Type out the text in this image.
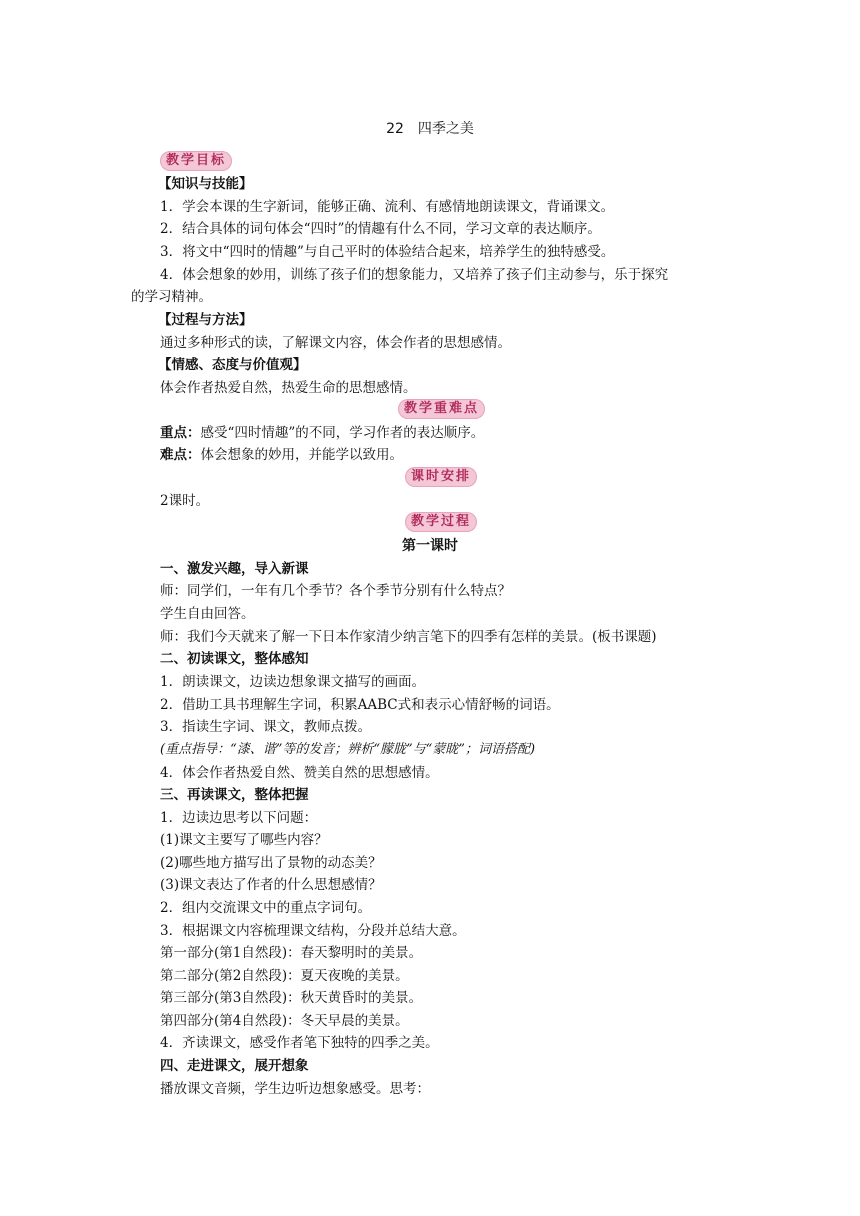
22　四季之美
教学目标
【知识与技能】
1．学会本课的生字新词，能够正确、流利、有感情地朗读课文，背诵课文。
2．结合具体的词句体会“四时”的情趣有什么不同，学习文章的表达顺序。
3．将文中“四时的情趣”与自己平时的体验结合起来，培养学生的独特感受。
4．体会想象的妙用，训练了孩子们的想象能力，又培养了孩子们主动参与，乐于探究
的学习精神。
【过程与方法】
通过多种形式的读，了解课文内容，体会作者的思想感情。
【情感、态度与价值观】
体会作者热爱自然，热爱生命的思想感情。
教学重难点
重点：感受“四时情趣”的不同，学习作者的表达顺序。
难点：体会想象的妙用，并能学以致用。
课时安排
2课时。
教学过程
第一课时
一、激发兴趣，导入新课
师：同学们，一年有几个季节？各个季节分别有什么特点？
学生自由回答。
师：我们今天就来了解一下日本作家清少纳言笔下的四季有怎样的美景。(板书课题)
二、初读课文，整体感知
1．朗读课文，边读边想象课文描写的画面。
2．借助工具书理解生字词，积累AABC式和表示心情舒畅的词语。
3．指读生字词、课文，教师点拨。
(重点指导：“漆、谐”等的发音；辨析“朦胧”与“蒙眬”；词语搭配)
4．体会作者热爱自然、赞美自然的思想感情。
三、再读课文，整体把握
1．边读边思考以下问题：
(1)课文主要写了哪些内容？
(2)哪些地方描写出了景物的动态美？
(3)课文表达了作者的什么思想感情？
2．组内交流课文中的重点字词句。
3．根据课文内容梳理课文结构，分段并总结大意。
第一部分(第1自然段)：春天黎明时的美景。
第二部分(第2自然段)：夏天夜晚的美景。
第三部分(第3自然段)：秋天黄昏时的美景。
第四部分(第4自然段)：冬天早晨的美景。
4．齐读课文，感受作者笔下独特的四季之美。
四、走进课文，展开想象
播放课文音频，学生边听边想象感受。思考：
